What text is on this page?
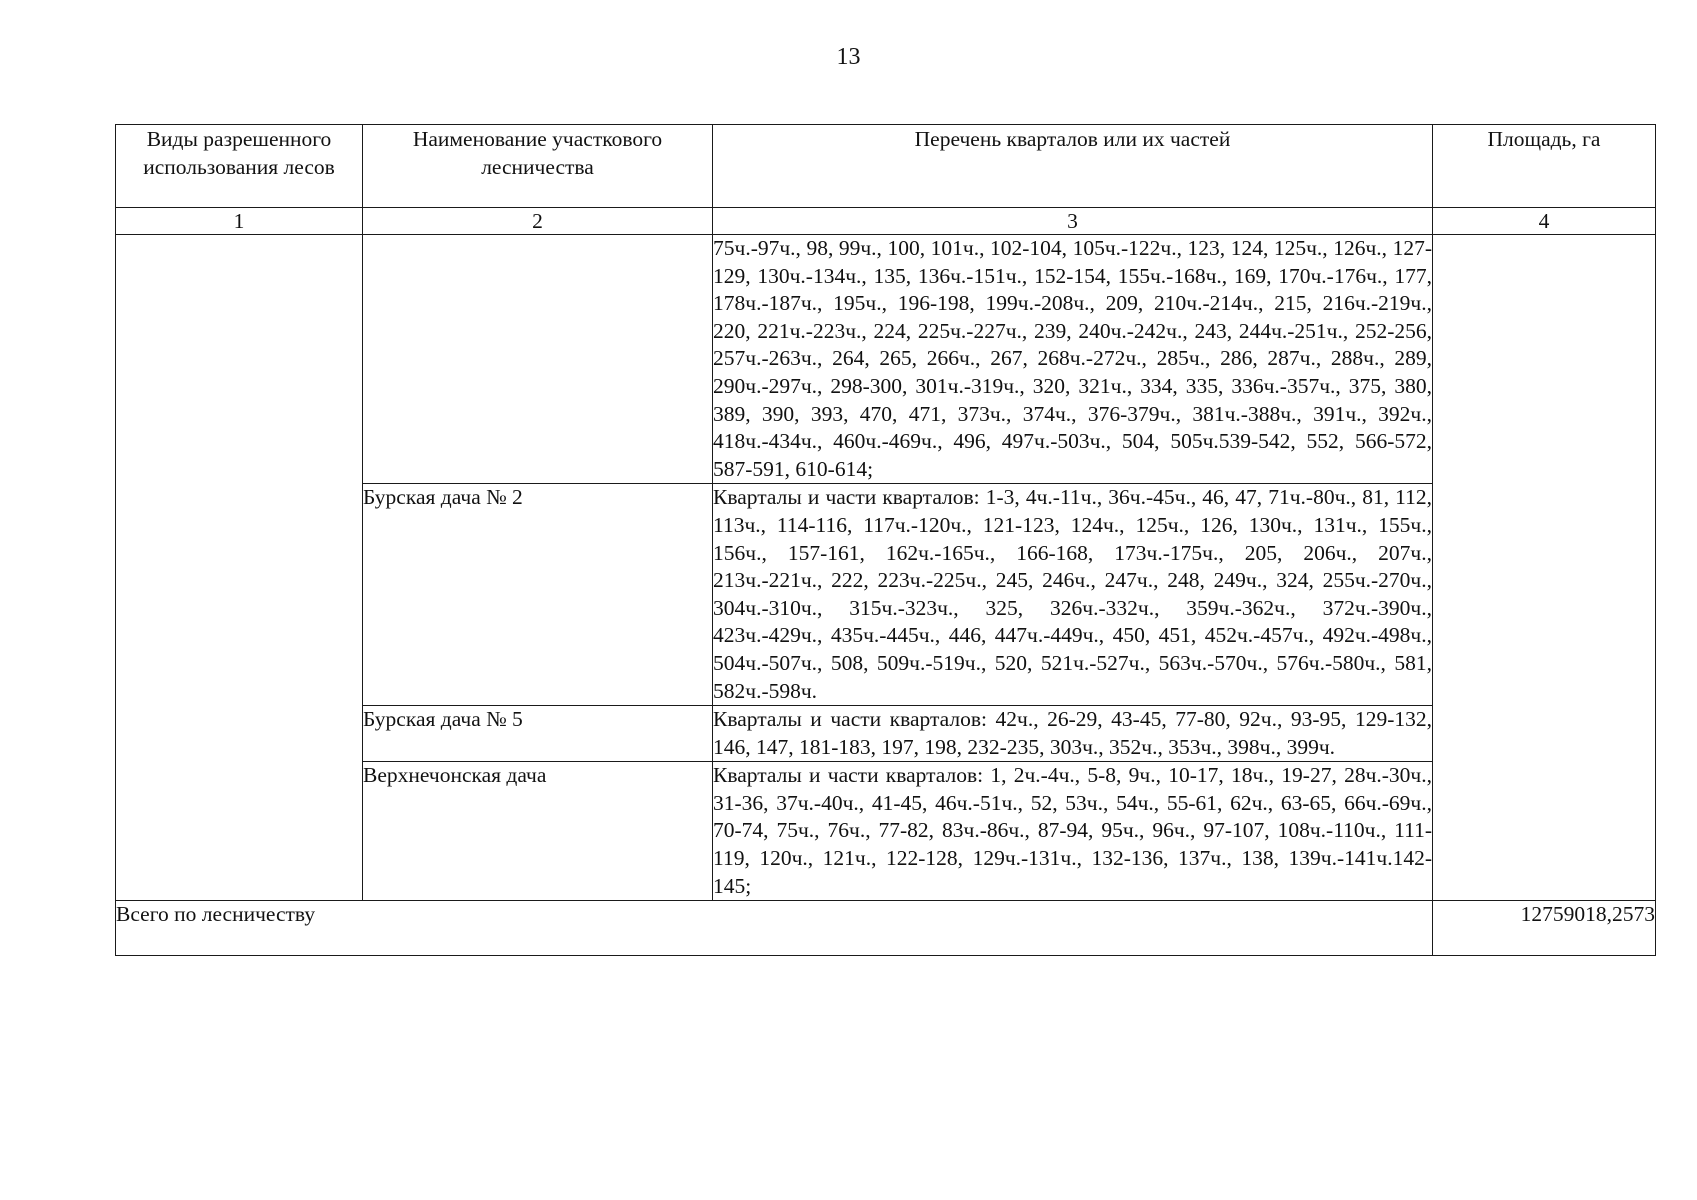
13
Виды разрешенного использования лесов	Наименование участкового лесничества	Перечень кварталов или их частей	Площадь, га
1	2	3	4
		75ч.-97ч., 98, 99ч., 100, 101ч., 102-104, 105ч.-122ч., 123, 124, 125ч., 126ч., 127-129, 130ч.-134ч., 135, 136ч.-151ч., 152-154, 155ч.-168ч., 169, 170ч.-176ч., 177, 178ч.-187ч., 195ч., 196-198, 199ч.-208ч., 209, 210ч.-214ч., 215, 216ч.-219ч., 220, 221ч.-223ч., 224, 225ч.-227ч., 239, 240ч.-242ч., 243, 244ч.-251ч., 252-256, 257ч.-263ч., 264, 265, 266ч., 267, 268ч.-272ч., 285ч., 286, 287ч., 288ч., 289, 290ч.-297ч., 298-300, 301ч.-319ч., 320, 321ч., 334, 335, 336ч.-357ч., 375, 380, 389, 390, 393, 470, 471, 373ч., 374ч., 376-379ч., 381ч.-388ч., 391ч., 392ч., 418ч.-434ч., 460ч.-469ч., 496, 497ч.-503ч., 504, 505ч.539-542, 552, 566-572, 587-591, 610-614;	
	Бурская дача № 2	Кварталы и части кварталов: 1-3, 4ч.-11ч., 36ч.-45ч., 46, 47, 71ч.-80ч., 81, 112, 113ч., 114-116, 117ч.-120ч., 121-123, 124ч., 125ч., 126, 130ч., 131ч., 155ч., 156ч., 157-161, 162ч.-165ч., 166-168, 173ч.-175ч., 205, 206ч., 207ч., 213ч.-221ч., 222, 223ч.-225ч., 245, 246ч., 247ч., 248, 249ч., 324, 255ч.-270ч., 304ч.-310ч., 315ч.-323ч., 325, 326ч.-332ч., 359ч.-362ч., 372ч.-390ч., 423ч.-429ч., 435ч.-445ч., 446, 447ч.-449ч., 450, 451, 452ч.-457ч., 492ч.-498ч., 504ч.-507ч., 508, 509ч.-519ч., 520, 521ч.-527ч., 563ч.-570ч., 576ч.-580ч., 581, 582ч.-598ч.	
	Бурская дача № 5	Кварталы и части кварталов: 42ч., 26-29, 43-45, 77-80, 92ч., 93-95, 129-132, 146, 147, 181-183, 197, 198, 232-235, 303ч., 352ч., 353ч., 398ч., 399ч.	
	Верхнечонская дача	Кварталы и части кварталов: 1, 2ч.-4ч., 5-8, 9ч., 10-17, 18ч., 19-27, 28ч.-30ч., 31-36, 37ч.-40ч., 41-45, 46ч.-51ч., 52, 53ч., 54ч., 55-61, 62ч., 63-65, 66ч.-69ч., 70-74, 75ч., 76ч., 77-82, 83ч.-86ч., 87-94, 95ч., 96ч., 97-107, 108ч.-110ч., 111-119, 120ч., 121ч., 122-128, 129ч.-131ч., 132-136, 137ч., 138, 139ч.-141ч.142-145;	
Всего по лесничеству			12759018,2573
